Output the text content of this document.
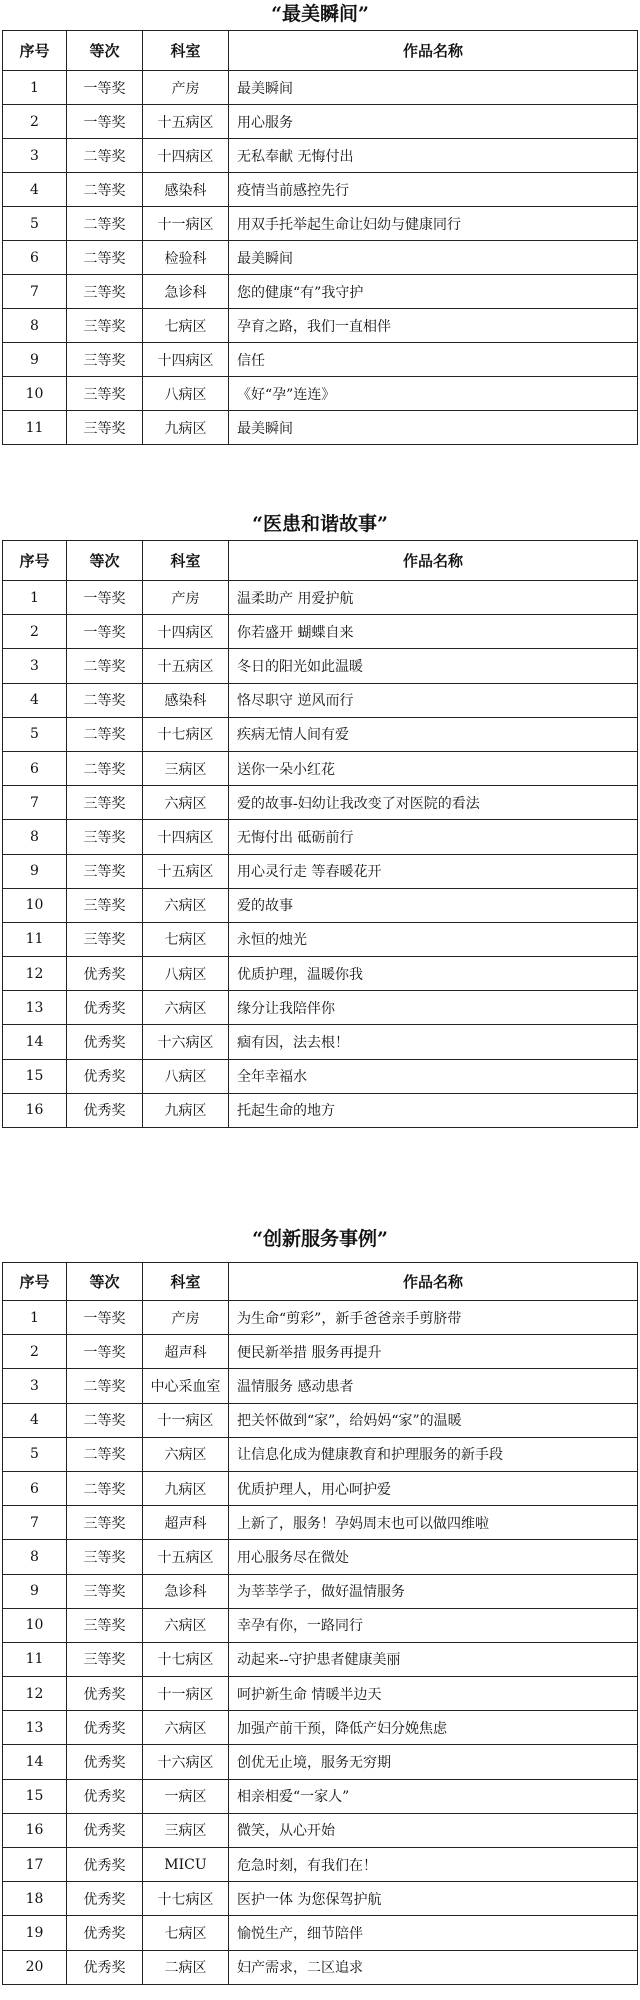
“最美瞬间”
序号	等次	科室	作品名称
1	一等奖	产房	最美瞬间
2	一等奖	十五病区	用心服务
3	二等奖	十四病区	无私奉献 无悔付出
4	二等奖	感染科	疫情当前感控先行
5	二等奖	十一病区	用双手托举起生命让妇幼与健康同行
6	二等奖	检验科	最美瞬间
7	三等奖	急诊科	您的健康“有”我守护
8	三等奖	七病区	孕育之路，我们一直相伴
9	三等奖	十四病区	信任
10	三等奖	八病区	《好“孕”连连》
11	三等奖	九病区	最美瞬间
“医患和谐故事”
序号	等次	科室	作品名称
1	一等奖	产房	温柔助产 用爱护航
2	一等奖	十四病区	你若盛开 蝴蝶自来
3	二等奖	十五病区	冬日的阳光如此温暖
4	二等奖	感染科	恪尽职守 逆风而行
5	二等奖	十七病区	疾病无情人间有爱
6	二等奖	三病区	送你一朵小红花
7	三等奖	六病区	爱的故事-妇幼让我改变了对医院的看法
8	三等奖	十四病区	无悔付出 砥砺前行
9	三等奖	十五病区	用心灵行走 等春暖花开
10	三等奖	六病区	爱的故事
11	三等奖	七病区	永恒的烛光
12	优秀奖	八病区	优质护理，温暖你我
13	优秀奖	六病区	缘分让我陪伴你
14	优秀奖	十六病区	痼有因，法去根！
15	优秀奖	八病区	全年幸福水
16	优秀奖	九病区	托起生命的地方
“创新服务事例”
序号	等次	科室	作品名称
1	一等奖	产房	为生命“剪彩”，新手爸爸亲手剪脐带
2	一等奖	超声科	便民新举措 服务再提升
3	二等奖	中心采血室	温情服务 感动患者
4	二等奖	十一病区	把关怀做到“家”，给妈妈“家”的温暖
5	二等奖	六病区	让信息化成为健康教育和护理服务的新手段
6	二等奖	九病区	优质护理人，用心呵护爱
7	三等奖	超声科	上新了，服务！孕妈周末也可以做四维啦
8	三等奖	十五病区	用心服务尽在微处
9	三等奖	急诊科	为莘莘学子，做好温情服务
10	三等奖	六病区	幸孕有你，一路同行
11	三等奖	十七病区	动起来--守护患者健康美丽
12	优秀奖	十一病区	呵护新生命 情暖半边天
13	优秀奖	六病区	加强产前干预，降低产妇分娩焦虑
14	优秀奖	十六病区	创优无止境，服务无穷期
15	优秀奖	一病区	相亲相爱“一家人”
16	优秀奖	三病区	微笑，从心开始
17	优秀奖	MICU	危急时刻，有我们在！
18	优秀奖	十七病区	医护一体 为您保驾护航
19	优秀奖	七病区	愉悦生产，细节陪伴
20	优秀奖	二病区	妇产需求，二区追求
